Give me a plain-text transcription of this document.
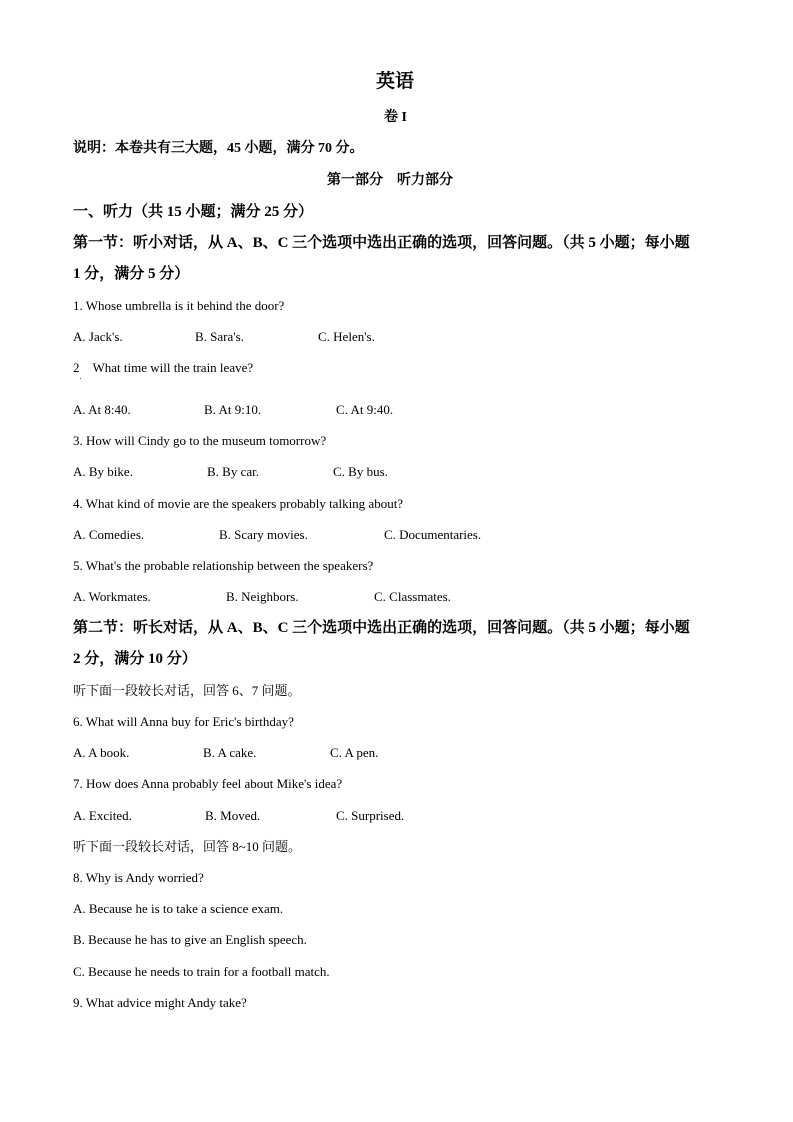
英语
卷 I
说明：本卷共有三大题，45 小题，满分 70 分。
第一部分　听力部分
一、听力（共 15 小题；满分 25 分）
第一节：听小对话，从 A、B、C 三个选项中选出正确的选项，回答问题。（共 5 小题；每小题
1 分，满分 5 分）
1. Whose umbrella is it behind the door?
A. Jack's.	B. Sara's.	C. Helen's.
2　What time will the train leave?
A. At 8:40.	B. At 9:10.	C. At 9:40.
3. How will Cindy go to the museum tomorrow?
A. By bike.	B. By car.	C. By bus.
4. What kind of movie are the speakers probably talking about?
A. Comedies.	B. Scary movies.	C. Documentaries.
5. What's the probable relationship between the speakers?
A. Workmates.	B. Neighbors.	C. Classmates.
第二节：听长对话，从 A、B、C 三个选项中选出正确的选项，回答问题。（共 5 小题；每小题
2 分，满分 10 分）
听下面一段较长对话，回答 6、7 问题。
6. What will Anna buy for Eric's birthday?
A. A book.	B. A cake.	C. A pen.
7. How does Anna probably feel about Mike's idea?
A. Excited.	B. Moved.	C. Surprised.
听下面一段较长对话，回答 8~10 问题。
8. Why is Andy worried?
A. Because he is to take a science exam.
B. Because he has to give an English speech.
C. Because he needs to train for a football match.
9. What advice might Andy take?
